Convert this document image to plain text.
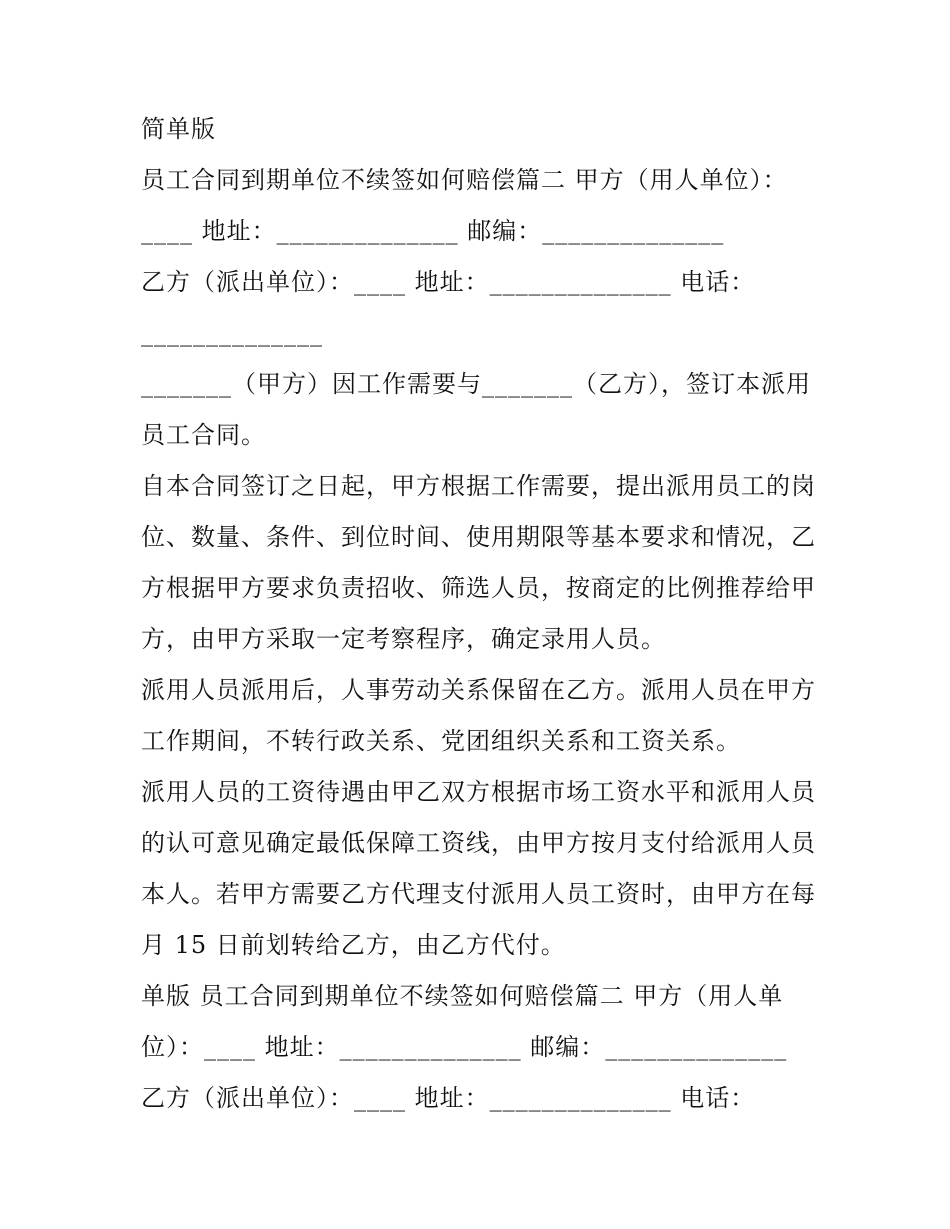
简单版
员工合同到期单位不续签如何赔偿篇二 甲方（用人单位）：
____ 地址：______________ 邮编：______________
乙方（派出单位）：____ 地址：______________ 电话：
______________
_______（甲方）因工作需要与_______（乙方），签订本派用
员工合同。
自本合同签订之日起，甲方根据工作需要，提出派用员工的岗
位、数量、条件、到位时间、使用期限等基本要求和情况，乙
方根据甲方要求负责招收、筛选人员，按商定的比例推荐给甲
方，由甲方采取一定考察程序，确定录用人员。
派用人员派用后，人事劳动关系保留在乙方。派用人员在甲方
工作期间，不转行政关系、党团组织关系和工资关系。
派用人员的工资待遇由甲乙双方根据市场工资水平和派用人员
的认可意见确定最低保障工资线，由甲方按月支付给派用人员
本人。若甲方需要乙方代理支付派用人员工资时，由甲方在每
月 15 日前划转给乙方，由乙方代付。
单版 员工合同到期单位不续签如何赔偿篇二 甲方（用人单
位）：____ 地址：______________ 邮编：______________
乙方（派出单位）：____ 地址：______________ 电话：
